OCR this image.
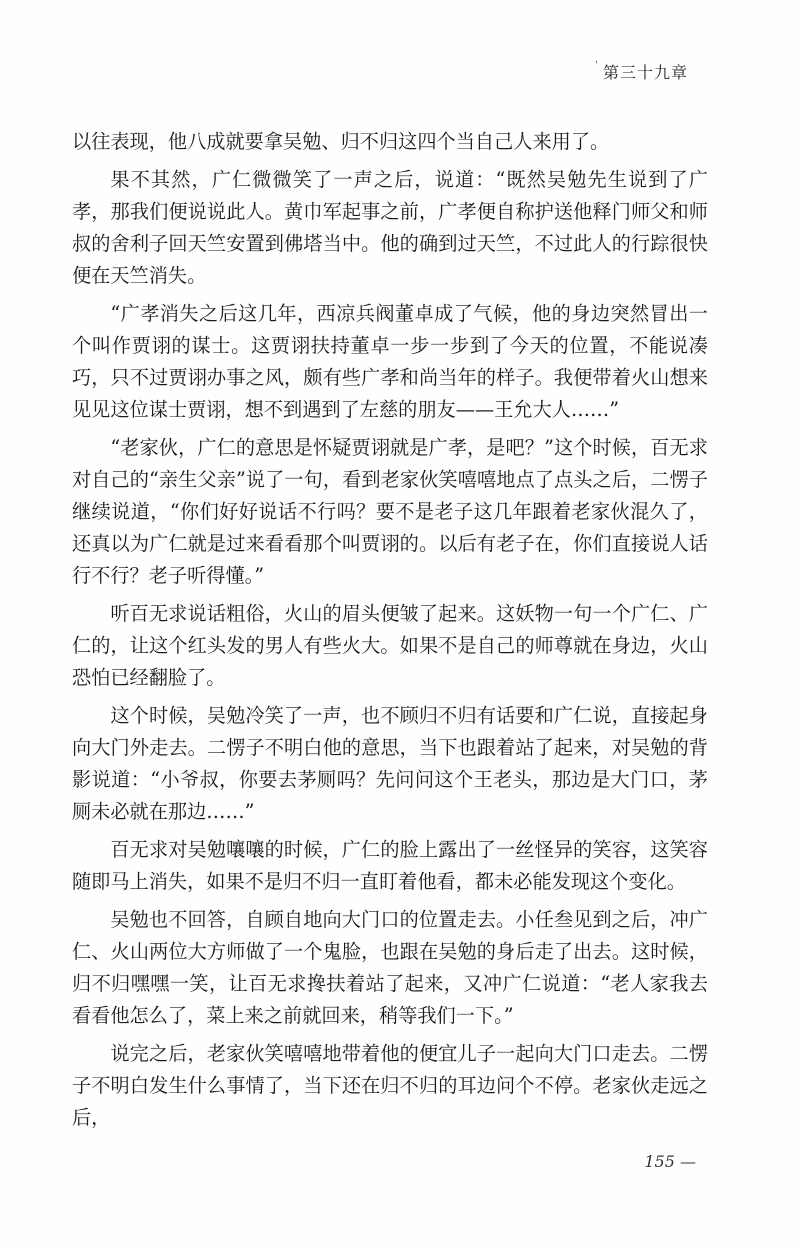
' 第三十九章

以往表现，他八成就要拿吴勉、归不归这四个当自己人来用了。

果不其然，广仁微微笑了一声之后，说道：“既然吴勉先生说到了广孝，那我们便说说此人。黄巾军起事之前，广孝便自称护送他释门师父和师叔的舍利子回天竺安置到佛塔当中。他的确到过天竺，不过此人的行踪很快便在天竺消失。

“广孝消失之后这几年，西凉兵阀董卓成了气候，他的身边突然冒出一个叫作贾诩的谋士。这贾诩扶持董卓一步一步到了今天的位置，不能说凑巧，只不过贾诩办事之风，颇有些广孝和尚当年的样子。我便带着火山想来见见这位谋士贾诩，想不到遇到了左慈的朋友——王允大人……”

“老家伙，广仁的意思是怀疑贾诩就是广孝，是吧？”这个时候，百无求对自己的“亲生父亲”说了一句，看到老家伙笑嘻嘻地点了点头之后，二愣子继续说道，“你们好好说话不行吗？要不是老子这几年跟着老家伙混久了，还真以为广仁就是过来看看那个叫贾诩的。以后有老子在，你们直接说人话行不行？老子听得懂。”

听百无求说话粗俗，火山的眉头便皱了起来。这妖物一句一个广仁、广仁的，让这个红头发的男人有些火大。如果不是自己的师尊就在身边，火山恐怕已经翻脸了。

这个时候，吴勉冷笑了一声，也不顾归不归有话要和广仁说，直接起身向大门外走去。二愣子不明白他的意思，当下也跟着站了起来，对吴勉的背影说道：“小爷叔，你要去茅厕吗？先问问这个王老头，那边是大门口，茅厕未必就在那边……”

百无求对吴勉嚷嚷的时候，广仁的脸上露出了一丝怪异的笑容，这笑容随即马上消失，如果不是归不归一直盯着他看，都未必能发现这个变化。

吴勉也不回答，自顾自地向大门口的位置走去。小任叁见到之后，冲广仁、火山两位大方师做了一个鬼脸，也跟在吴勉的身后走了出去。这时候，归不归嘿嘿一笑，让百无求搀扶着站了起来，又冲广仁说道：“老人家我去看看他怎么了，菜上来之前就回来，稍等我们一下。”

说完之后，老家伙笑嘻嘻地带着他的便宜儿子一起向大门口走去。二愣子不明白发生什么事情了，当下还在归不归的耳边问个不停。老家伙走远之后，

155 —
